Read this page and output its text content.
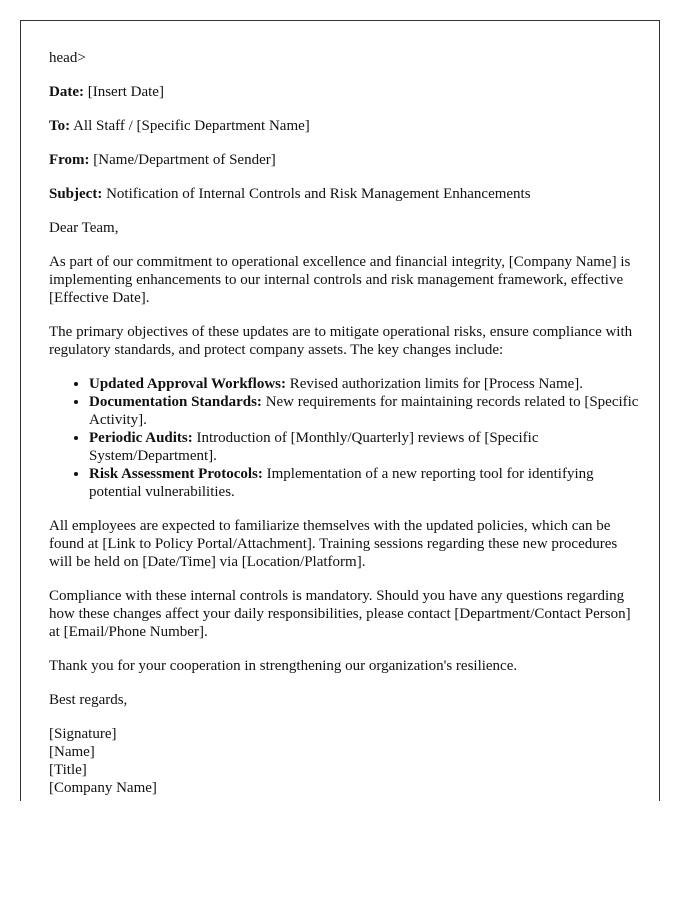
head>

Date: [Insert Date]

To: All Staff / [Specific Department Name]

From: [Name/Department of Sender]

Subject: Notification of Internal Controls and Risk Management Enhancements

Dear Team,

As part of our commitment to operational excellence and financial integrity, [Company Name] is implementing enhancements to our internal controls and risk management framework, effective [Effective Date].

The primary objectives of these updates are to mitigate operational risks, ensure compliance with regulatory standards, and protect company assets. The key changes include:

• Updated Approval Workflows: Revised authorization limits for [Process Name].
• Documentation Standards: New requirements for maintaining records related to [Specific Activity].
• Periodic Audits: Introduction of [Monthly/Quarterly] reviews of [Specific System/Department].
• Risk Assessment Protocols: Implementation of a new reporting tool for identifying potential vulnerabilities.

All employees are expected to familiarize themselves with the updated policies, which can be found at [Link to Policy Portal/Attachment]. Training sessions regarding these new procedures will be held on [Date/Time] via [Location/Platform].

Compliance with these internal controls is mandatory. Should you have any questions regarding how these changes affect your daily responsibilities, please contact [Department/Contact Person] at [Email/Phone Number].

Thank you for your cooperation in strengthening our organization's resilience.

Best regards,

[Signature]
[Name]
[Title]
[Company Name]
